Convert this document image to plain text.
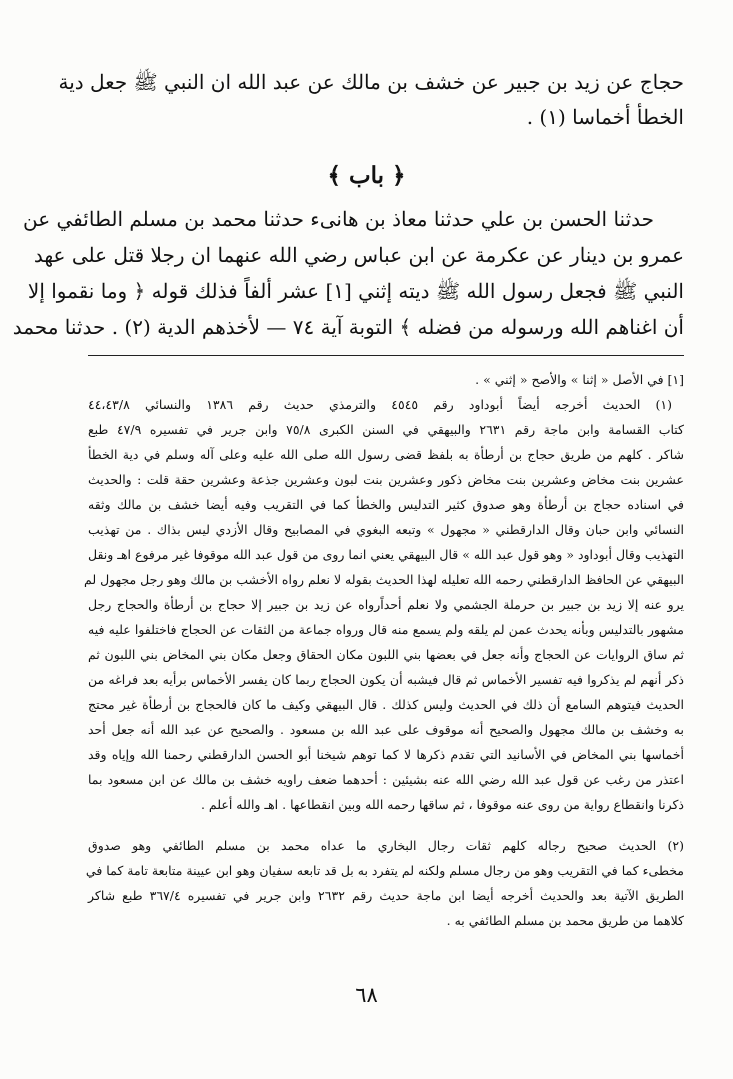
حجاج عن زيد بن جبير عن خشف بن مالك عن عبد الله ان النبي ﷺ جعل دية
الخطأ أخماسا (١) .
﴿ باب ﴾
حدثنا الحسن بن علي حدثنا معاذ بن هانىء حدثنا محمد بن مسلم الطائفي عن
عمرو بن دينار عن عكرمة عن ابن عباس رضي الله عنهما ان رجلا قتل على عهد
النبي ﷺ فجعل رسول الله ﷺ ديته إثني [١] عشر ألفاً فذلك قوله ﴿ وما نقموا إلا
أن اغناهم الله ورسوله من فضله ﴾ التوبة آية ٧٤ — لأخذهم الدية (٢) . حدثنا محمد
[١] في الأصل « إثنا » والأصح « إثني » .
(١) الحديث أخرجه أيضاً أبوداود رقم ٤٥٤٥ والترمذي حديث رقم ١٣٨٦ والنسائي ٤٤،٤٣/٨
كتاب القسامة وابن ماجة رقم ٢٦٣١ والبيهقي في السنن الكبرى ٧٥/٨ وابن جرير في تفسيره ٤٧/٩ طبع
شاكر . كلهم من طريق حجاج بن أرطأة به بلفظ قضى رسول الله صلى الله عليه وعلى آله وسلم في دية الخطأ
عشرين بنت مخاض وعشرين بنت مخاض ذكور وعشرين بنت لبون وعشرين جذعة وعشرين حقة قلت : والحديث
في اسناده حجاج بن أرطأة وهو صدوق كثير التدليس والخطأ كما في التقريب وفيه أيضا خشف بن مالك وثقه
النسائي وابن حبان وقال الدارقطني « مجهول » وتبعه البغوي في المصابيح وقال الأزدي ليس بذاك . من تهذيب
التهذيب وقال أبوداود « وهو قول عبد الله » قال البيهقي يعني انما روى من قول عبد الله موقوفا غير مرفوع اهـ ونقل
البيهقي عن الحافظ الدارقطني رحمه الله تعليله لهذا الحديث بقوله لا نعلم رواه الأخشب بن مالك وهو رجل مجهول لم
يرو عنه إلا زيد بن جبير بن حرملة الجشمي ولا نعلم أحداًرواه عن زيد بن جبير إلا حجاج بن أرطأة والحجاج رجل
مشهور بالتدليس وبأنه يحدث عمن لم يلقه ولم يسمع منه قال ورواه جماعة من الثقات عن الحجاج فاختلفوا عليه فيه
ثم ساق الروايات عن الحجاج وأنه جعل في بعضها بني اللبون مكان الحقاق وجعل مكان بني المخاض بني اللبون ثم
ذكر أنهم لم يذكروا فيه تفسير الأخماس ثم قال فيشبه أن يكون الحجاج ربما كان يفسر الأخماس برأيه بعد فراغه من
الحديث فيتوهم السامع أن ذلك في الحديث وليس كذلك . قال البيهقي وكيف ما كان فالحجاج بن أرطأة غير محتج
به وخشف بن مالك مجهول والصحيح أنه موقوف على عبد الله بن مسعود . والصحيح عن عبد الله أنه جعل أحد
أخماسها بني المخاض في الأسانيد التي تقدم ذكرها لا كما توهم شيخنا أبو الحسن الدارقطني رحمنا الله وإياه وقد
اعتذر من رغب عن قول عبد الله رضي الله عنه بشيئين : أحدهما ضعف راويه خشف بن مالك عن ابن مسعود بما
ذكرنا وانقطاع رواية من روى عنه موقوفا ، ثم ساقها رحمه الله وبين انقطاعها . اهـ والله أعلم .
(٢) الحديث صحيح رجاله كلهم ثقات رجال البخاري ما عداه محمد بن مسلم الطائفي وهو صدوق
مخطىء كما في التقريب وهو من رجال مسلم ولكنه لم يتفرد به بل قد تابعه سفيان وهو ابن عيينة متابعة تامة كما في
الطريق الآتية بعد والحديث أخرجه أيضا ابن ماجة حديث رقم ٢٦٣٢ وابن جرير في تفسيره ٣٦٧/٤ طبع شاكر
كلاهما من طريق محمد بن مسلم الطائفي به .
٦٨
